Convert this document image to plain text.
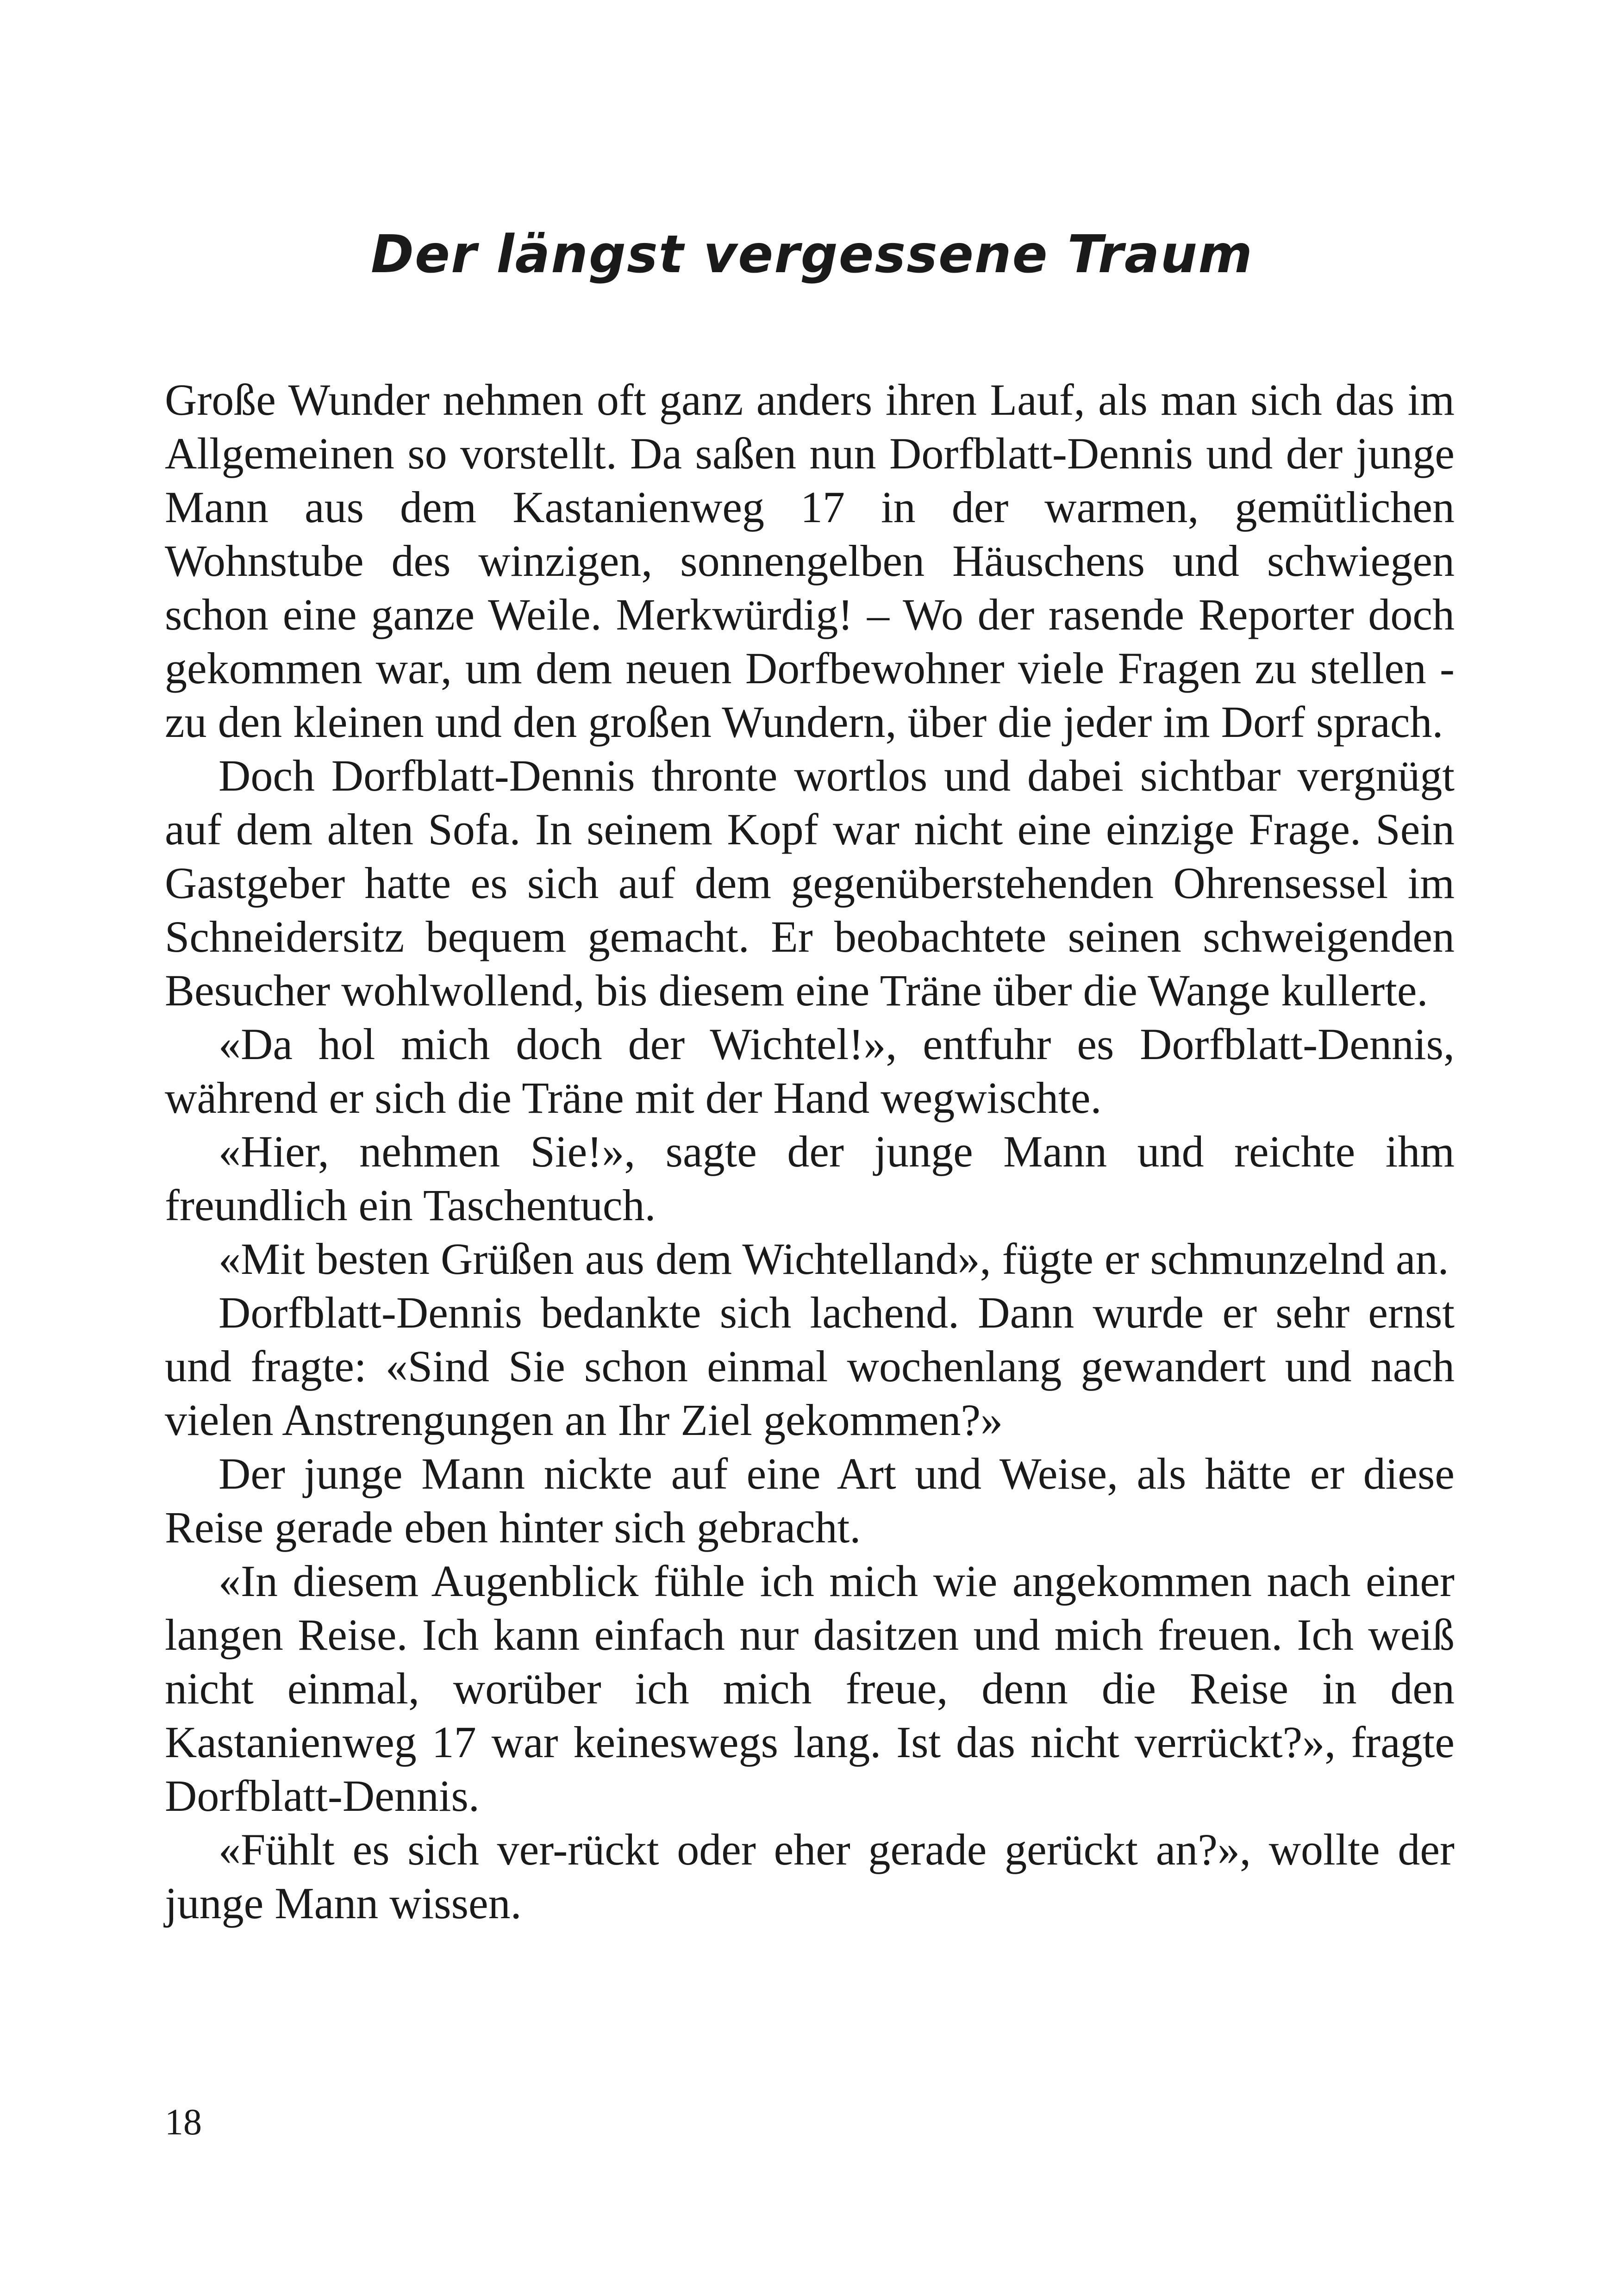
Der längst vergessene Traum

Große Wunder nehmen oft ganz anders ihren Lauf, als man sich das im Allgemeinen so vorstellt. Da saßen nun Dorfblatt-Dennis und der junge Mann aus dem Kastanienweg 17 in der warmen, gemütlichen Wohnstube des winzigen, sonnengelben Häuschens und schwiegen schon eine ganze Weile. Merkwürdig! – Wo der rasende Reporter doch gekommen war, um dem neuen Dorfbewohner viele Fragen zu stellen - zu den kleinen und den großen Wundern, über die jeder im Dorf sprach.

Doch Dorfblatt-Dennis thronte wortlos und dabei sichtbar vergnügt auf dem alten Sofa. In seinem Kopf war nicht eine einzige Frage. Sein Gastgeber hatte es sich auf dem gegenüberstehenden Ohrensessel im Schneidersitz bequem gemacht. Er beobachtete seinen schweigenden Besucher wohlwollend, bis diesem eine Träne über die Wange kullerte.

«Da hol mich doch der Wichtel!», entfuhr es Dorfblatt-Dennis, während er sich die Träne mit der Hand wegwischte.

«Hier, nehmen Sie!», sagte der junge Mann und reichte ihm freundlich ein Taschentuch.

«Mit besten Grüßen aus dem Wichtelland», fügte er schmunzelnd an.

Dorfblatt-Dennis bedankte sich lachend. Dann wurde er sehr ernst und fragte: «Sind Sie schon einmal wochenlang gewandert und nach vielen Anstrengungen an Ihr Ziel gekommen?»

Der junge Mann nickte auf eine Art und Weise, als hätte er diese Reise gerade eben hinter sich gebracht.

«In diesem Augenblick fühle ich mich wie angekommen nach einer langen Reise. Ich kann einfach nur dasitzen und mich freuen. Ich weiß nicht einmal, worüber ich mich freue, denn die Reise in den Kastanienweg 17 war keineswegs lang. Ist das nicht verrückt?», fragte Dorfblatt-Dennis.

«Fühlt es sich ver-rückt oder eher gerade gerückt an?», wollte der junge Mann wissen.

18
